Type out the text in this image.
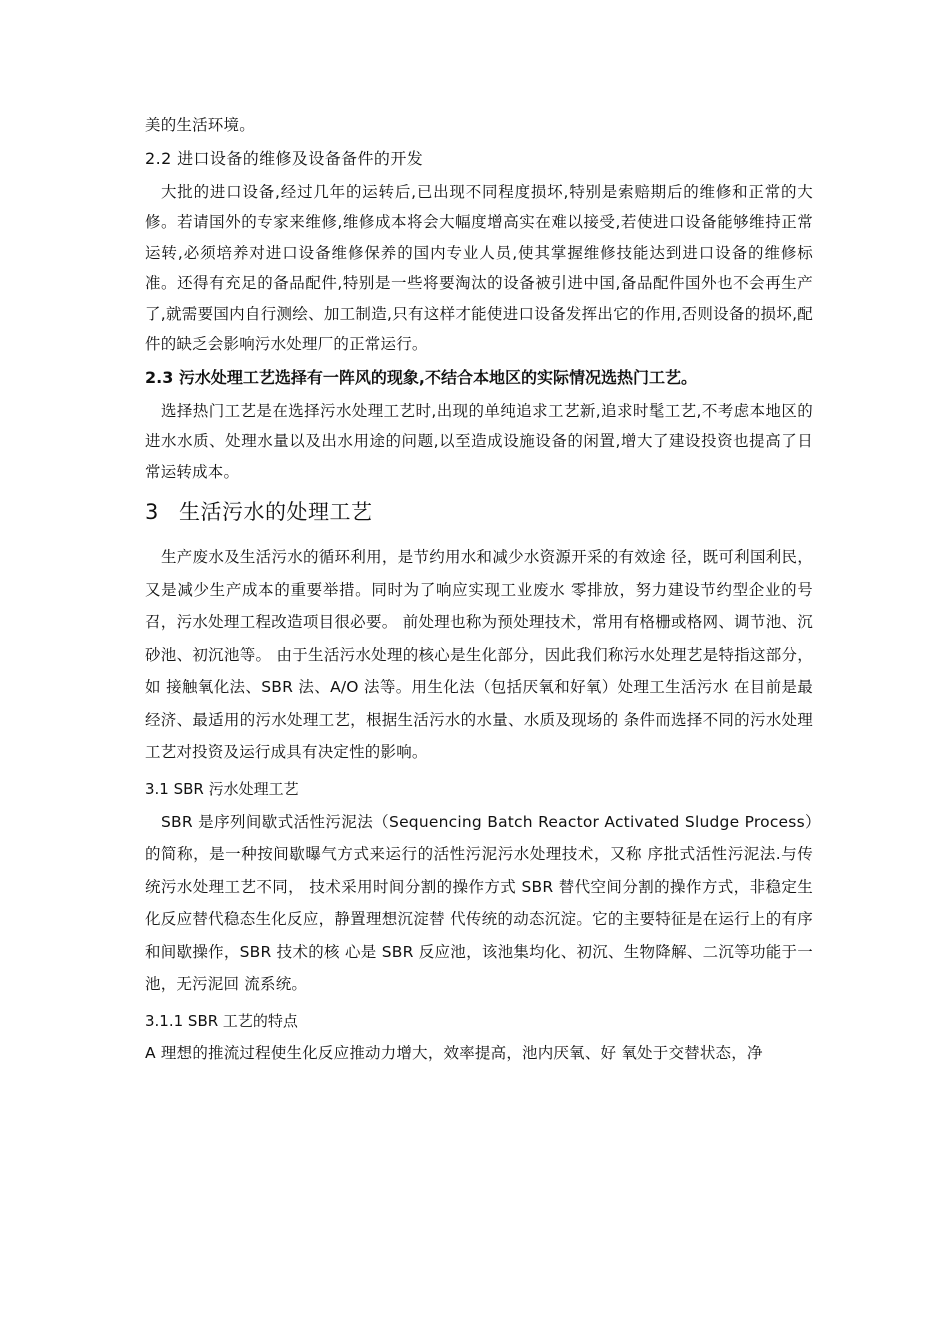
美的生活环境。

2.2 进口设备的维修及设备备件的开发

大批的进口设备,经过几年的运转后,已出现不同程度损坏,特别是索赔期后的维修和正常的大修。若请国外的专家来维修,维修成本将会大幅度增高实在难以接受,若使进口设备能够维持正常运转,必须培养对进口设备维修保养的国内专业人员,使其掌握维修技能达到进口设备的维修标准。还得有充足的备品配件,特别是一些将要淘汰的设备被引进中国,备品配件国外也不会再生产了,就需要国内自行测绘、加工制造,只有这样才能使进口设备发挥出它的作用,否则设备的损坏,配件的缺乏会影响污水处理厂的正常运行。

2.3 污水处理工艺选择有一阵风的现象,不结合本地区的实际情况选热门工艺。

选择热门工艺是在选择污水处理工艺时,出现的单纯追求工艺新,追求时髦工艺,不考虑本地区的进水水质、处理水量以及出水用途的问题,以至造成设施设备的闲置,增大了建设投资也提高了日常运转成本。

3 生活污水的处理工艺

生产废水及生活污水的循环利用，是节约用水和减少水资源开采的有效途 径，既可利国利民，又是减少生产成本的重要举措。同时为了响应实现工业废水 零排放，努力建设节约型企业的号召，污水处理工程改造项目很必要。 前处理也称为预处理技术，常用有格栅或格网、调节池、沉砂池、初沉池等。 由于生活污水处理的核心是生化部分，因此我们称污水处理艺是特指这部分，如 接触氧化法、SBR 法、A/O 法等。用生化法（包括厌氧和好氧）处理工生活污水 在目前是最经济、最适用的污水处理工艺，根据生活污水的水量、水质及现场的 条件而选择不同的污水处理工艺对投资及运行成具有决定性的影响。

3.1 SBR 污水处理工艺

SBR 是序列间歇式活性污泥法（Sequencing Batch Reactor Activated Sludge Process）的简称，是一种按间歇曝气方式来运行的活性污泥污水处理技术，又称 序批式活性污泥法.与传统污水处理工艺不同， 技术采用时间分割的操作方式 SBR 替代空间分割的操作方式，非稳定生化反应替代稳态生化反应，静置理想沉淀替 代传统的动态沉淀。它的主要特征是在运行上的有序和间歇操作，SBR 技术的核 心是 SBR 反应池，该池集均化、初沉、生物降解、二沉等功能于一池，无污泥回 流系统。

3.1.1 SBR 工艺的特点

A 理想的推流过程使生化反应推动力增大，效率提高，池内厌氧、好 氧处于交替状态，净
